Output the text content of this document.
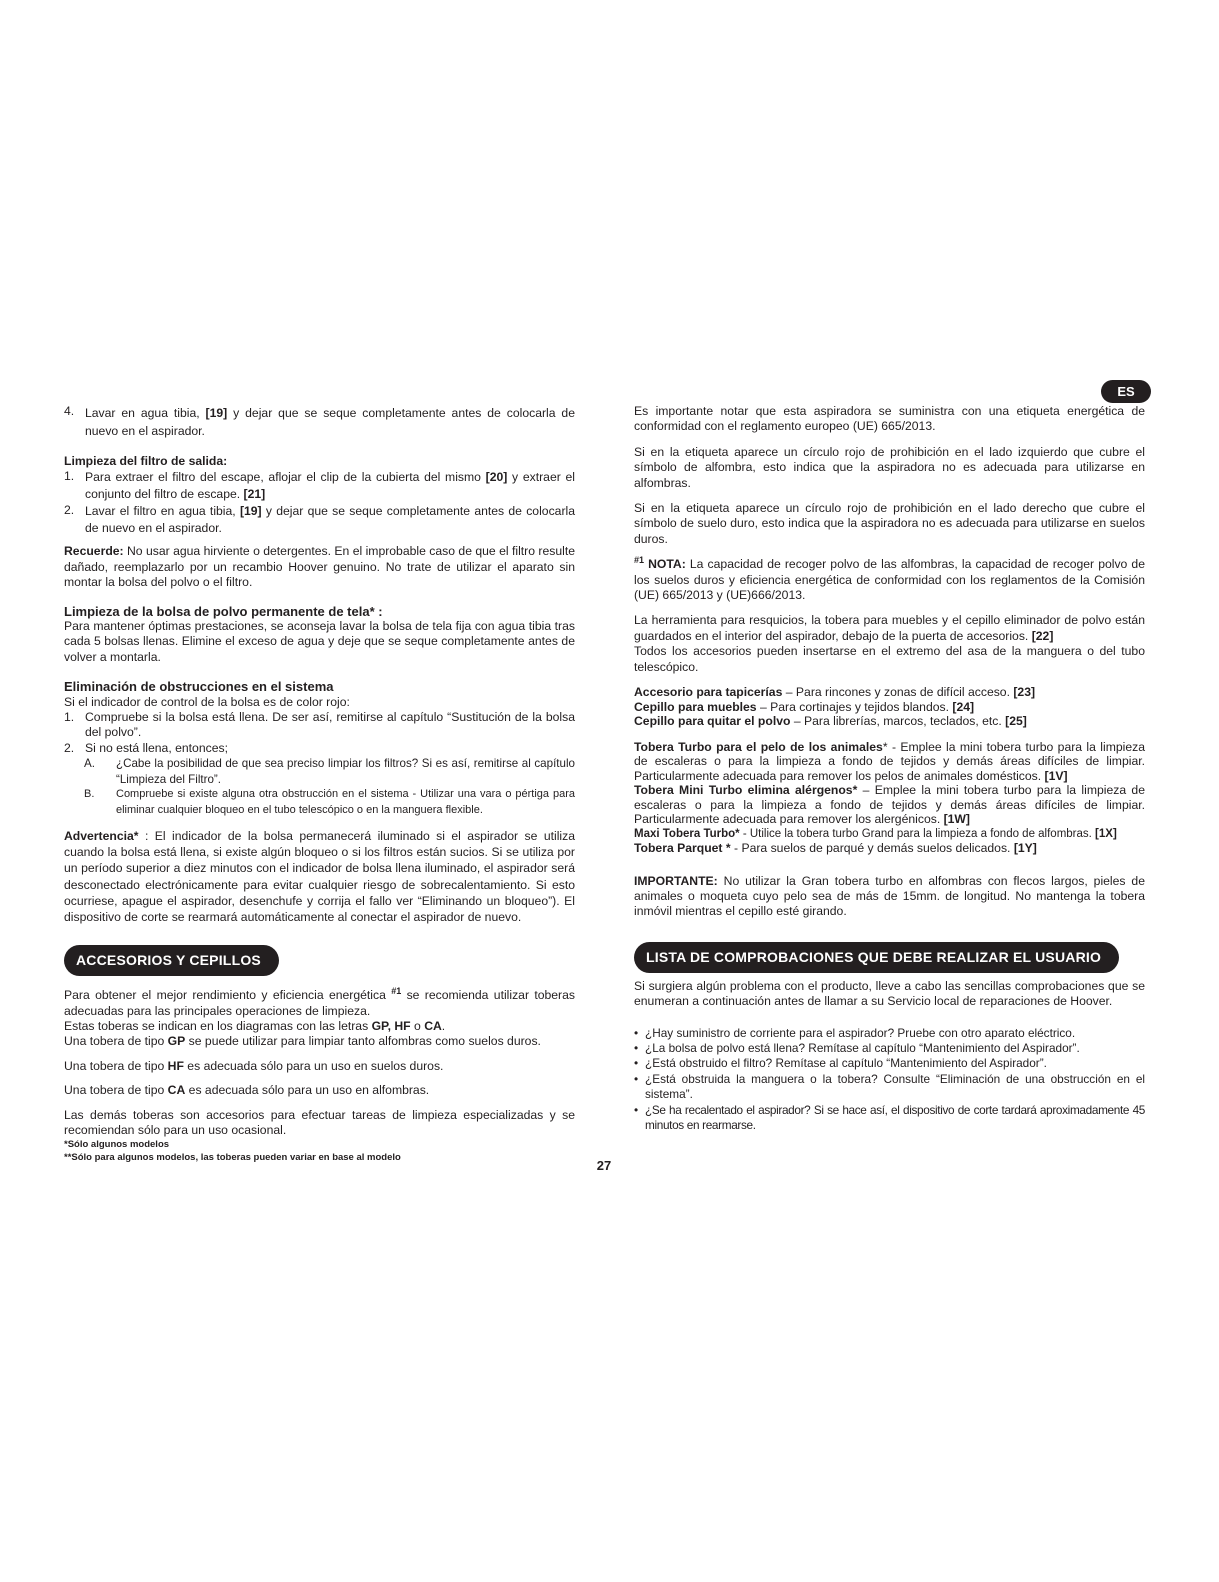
ES
4. Lavar en agua tibia, [19] y dejar que se seque completamente antes de colocarla de nuevo en el aspirador.

Limpieza del filtro de salida:

1. Para extraer el filtro del escape, aflojar el clip de la cubierta del mismo [20] y extraer el conjunto del filtro de escape. [21]
2. Lavar el filtro en agua tibia, [19] y dejar que se seque completamente antes de colocarla de nuevo en el aspirador.

Recuerde: No usar agua hirviente o detergentes. En el improbable caso de que el filtro resulte dañado, reemplazarlo por un recambio Hoover genuino. No trate de utilizar el aparato sin montar la bolsa del polvo o el filtro.

Limpieza de la bolsa de polvo permanente de tela* :

Para mantener óptimas prestaciones, se aconseja lavar la bolsa de tela fija con agua tibia tras cada 5 bolsas llenas. Elimine el exceso de agua y deje que se seque completamente antes de volver a montarla.

Eliminación de obstrucciones en el sistema

Si el indicador de control de la bolsa es de color rojo:

1. Compruebe si la bolsa está llena. De ser así, remitirse al capítulo “Sustitución de la bolsa del polvo”.
2. Si no está llena, entonces;
A.	¿Cabe la posibilidad de que sea preciso limpiar los filtros? Si es así, remitirse al capítulo “Limpieza del Filtro”.
B.	Compruebe si existe alguna otra obstrucción en el sistema - Utilizar una vara o pértiga para eliminar cualquier bloqueo en el tubo telescópico o en la manguera flexible.

Advertencia* : El indicador de la bolsa permanecerá iluminado si el aspirador se utiliza cuando la bolsa está llena, si existe algún bloqueo o si los filtros están sucios. Si se utiliza por un período superior a diez minutos con el indicador de bolsa llena iluminado, el aspirador será desconectado electrónicamente para evitar cualquier riesgo de sobrecalentamiento. Si esto ocurriese, apague el aspirador, desenchufe y corrija el fallo ver “Eliminando un bloqueo”). El dispositivo de corte se rearmará automáticamente al conectar el aspirador de nuevo.

ACCESORIOS Y CEPILLOS

Para obtener el mejor rendimiento y eficiencia energética $^{\#1}$ se recomienda utilizar toberas adecuadas para las principales operaciones de limpieza.

Estas toberas se indican en los diagramas con las letras GP, HF o CA.

Una tobera de tipo GP se puede utilizar para limpiar tanto alfombras como suelos duros.

Una tobera de tipo HF es adecuada sólo para un uso en suelos duros.

Una tobera de tipo CA es adecuada sólo para un uso en alfombras.

Las demás toberas son accesorios para efectuar tareas de limpieza especializadas y se recomiendan sólo para un uso ocasional.

*Sólo algunos modelos

**Sólo para algunos modelos, las toberas pueden variar en base al modelo

Es importante notar que esta aspiradora se suministra con una etiqueta energética de conformidad con el reglamento europeo (UE) 665/2013.

Si en la etiqueta aparece un círculo rojo de prohibición en el lado izquierdo que cubre el símbolo de alfombra, esto indica que la aspiradora no es adecuada para utilizarse en alfombras.

Si en la etiqueta aparece un círculo rojo de prohibición en el lado derecho que cubre el símbolo de suelo duro, esto indica que la aspiradora no es adecuada para utilizarse en suelos duros.

$^{\#1}$ NOTA: La capacidad de recoger polvo de las alfombras, la capacidad de recoger polvo de los suelos duros y eficiencia energética de conformidad con los reglamentos de la Comisión (UE) 665/2013 y (UE)666/2013.

La herramienta para resquicios, la tobera para muebles y el cepillo eliminador de polvo están guardados en el interior del aspirador, debajo de la puerta de accesorios. [22]

Todos los accesorios pueden insertarse en el extremo del asa de la manguera o del tubo telescópico.

Accesorio para tapicerías – Para rincones y zonas de difícil acceso. [23]

Cepillo para muebles – Para cortinajes y tejidos blandos. [24]

Cepillo para quitar el polvo – Para librerías, marcos, teclados, etc. [25]

Tobera Turbo para el pelo de los animales* - Emplee la mini tobera turbo para la limpieza de escaleras o para la limpieza a fondo de tejidos y demás áreas difíciles de limpiar. Particularmente adecuada para remover los pelos de animales domésticos. [1V]

Tobera Mini Turbo elimina alérgenos* – Emplee la mini tobera turbo para la limpieza de escaleras o para la limpieza a fondo de tejidos y demás áreas difíciles de limpiar. Particularmente adecuada para remover los alergénicos. [1W]

Maxi Tobera Turbo* - Utilice la tobera turbo Grand para la limpieza a fondo de alfombras. [1X]

Tobera Parquet * - Para suelos de parqué y demás suelos delicados. [1Y]

IMPORTANTE: No utilizar la Gran tobera turbo en alfombras con flecos largos, pieles de animales o moqueta cuyo pelo sea de más de 15mm. de longitud. No mantenga la tobera inmóvil mientras el cepillo esté girando.

LISTA DE COMPROBACIONES QUE DEBE REALIZAR EL USUARIO

Si surgiera algún problema con el producto, lleve a cabo las sencillas comprobaciones que se enumeran a continuación antes de llamar a su Servicio local de reparaciones de Hoover.

• ¿Hay suministro de corriente para el aspirador? Pruebe con otro aparato eléctrico.
• ¿La bolsa de polvo está llena? Remítase al capítulo “Mantenimiento del Aspirador”.
• ¿Está obstruido el filtro? Remítase al capítulo “Mantenimiento del Aspirador”.
• ¿Está obstruida la manguera o la tobera? Consulte “Eliminación de una obstrucción en el sistema”.
• ¿Se ha recalentado el aspirador? Si se hace así, el dispositivo de corte tardará aproximadamente 45 minutos en rearmarse.
27
